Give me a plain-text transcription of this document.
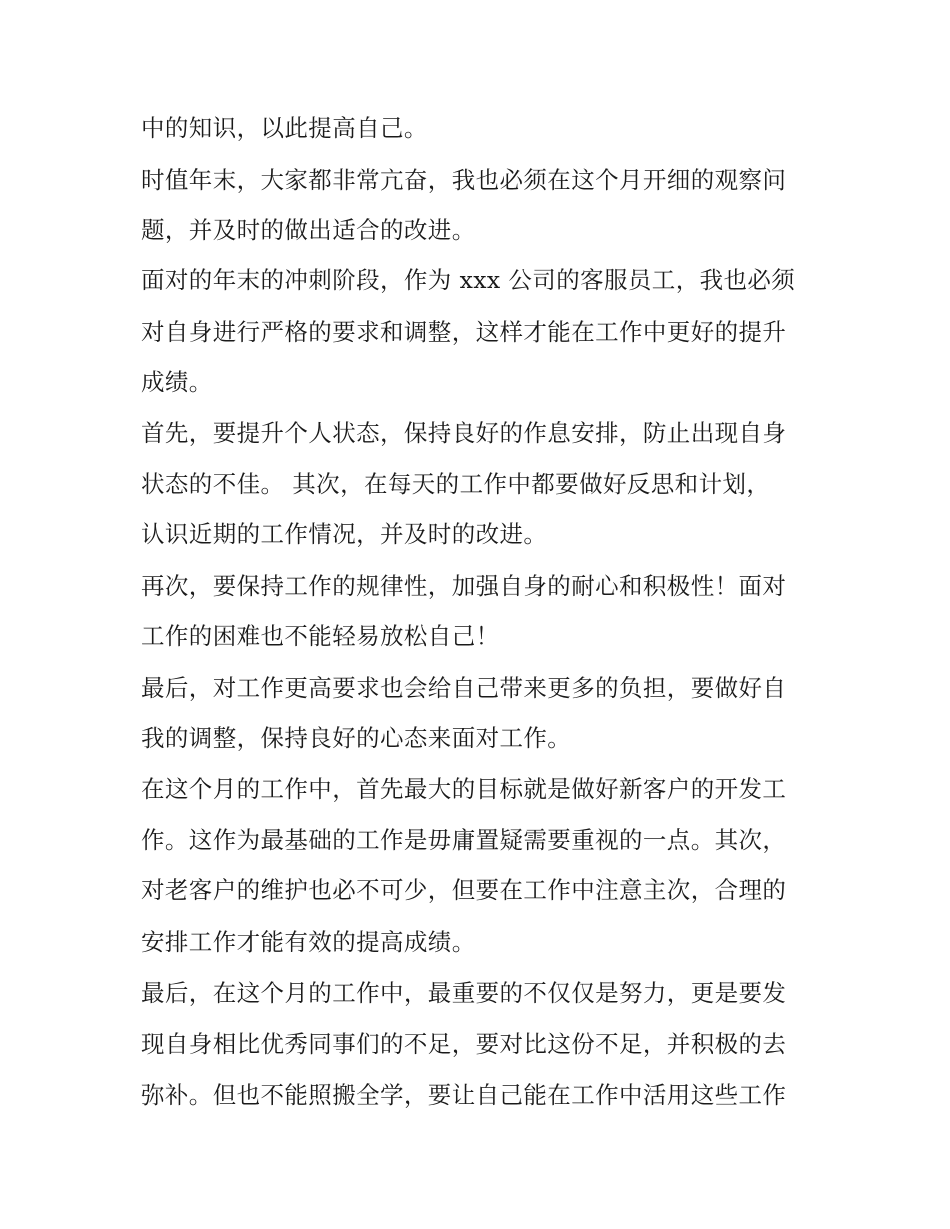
中的知识，以此提高自己。
时值年末，大家都非常亢奋，我也必须在这个月开细的观察问
题，并及时的做出适合的改进。
面对的年末的冲刺阶段，作为 xxx 公司的客服员工，我也必须
对自身进行严格的要求和调整，这样才能在工作中更好的提升
成绩。
首先，要提升个人状态，保持良好的作息安排，防止出现自身
状态的不佳。 其次，在每天的工作中都要做好反思和计划，
认识近期的工作情况，并及时的改进。
再次，要保持工作的规律性，加强自身的耐心和积极性！面对
工作的困难也不能轻易放松自己！
最后，对工作更高要求也会给自己带来更多的负担，要做好自
我的调整，保持良好的心态来面对工作。
在这个月的工作中，首先最大的目标就是做好新客户的开发工
作。这作为最基础的工作是毋庸置疑需要重视的一点。其次，
对老客户的维护也必不可少，但要在工作中注意主次，合理的
安排工作才能有效的提高成绩。
最后，在这个月的工作中，最重要的不仅仅是努力，更是要发
现自身相比优秀同事们的不足，要对比这份不足，并积极的去
弥补。但也不能照搬全学，要让自己能在工作中活用这些工作
